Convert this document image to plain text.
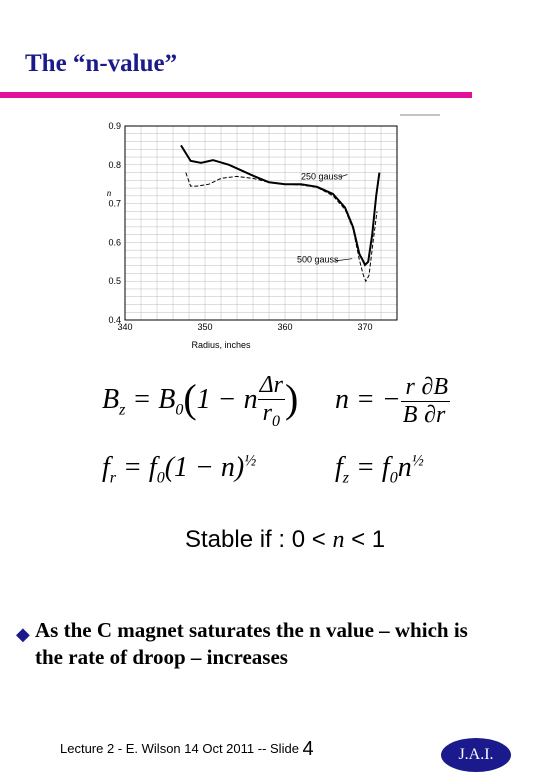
The “n-value”
0.4
0.5
0.6
0.7
0.8
0.9
340	350	360	370
Radius, inches
n
250 gauss
500 gauss
$B_z = B_0(1 - n \frac{\Delta r}{r_0}$ ) n = − $\frac{r}{B} \frac{\partial B}{\partial r}$
$f_r = f_0(1 - n)^{\frac{1}{2}}$	$f_z = f_0n^{\frac{1}{2}}$
Stable if : 0 < n < 1
◆ As the C magnet saturates the n value – which is the rate of droop – increases
Lecture 2 - E. Wilson 14 Oct 2011 -- Slide 4	J.A.I.
